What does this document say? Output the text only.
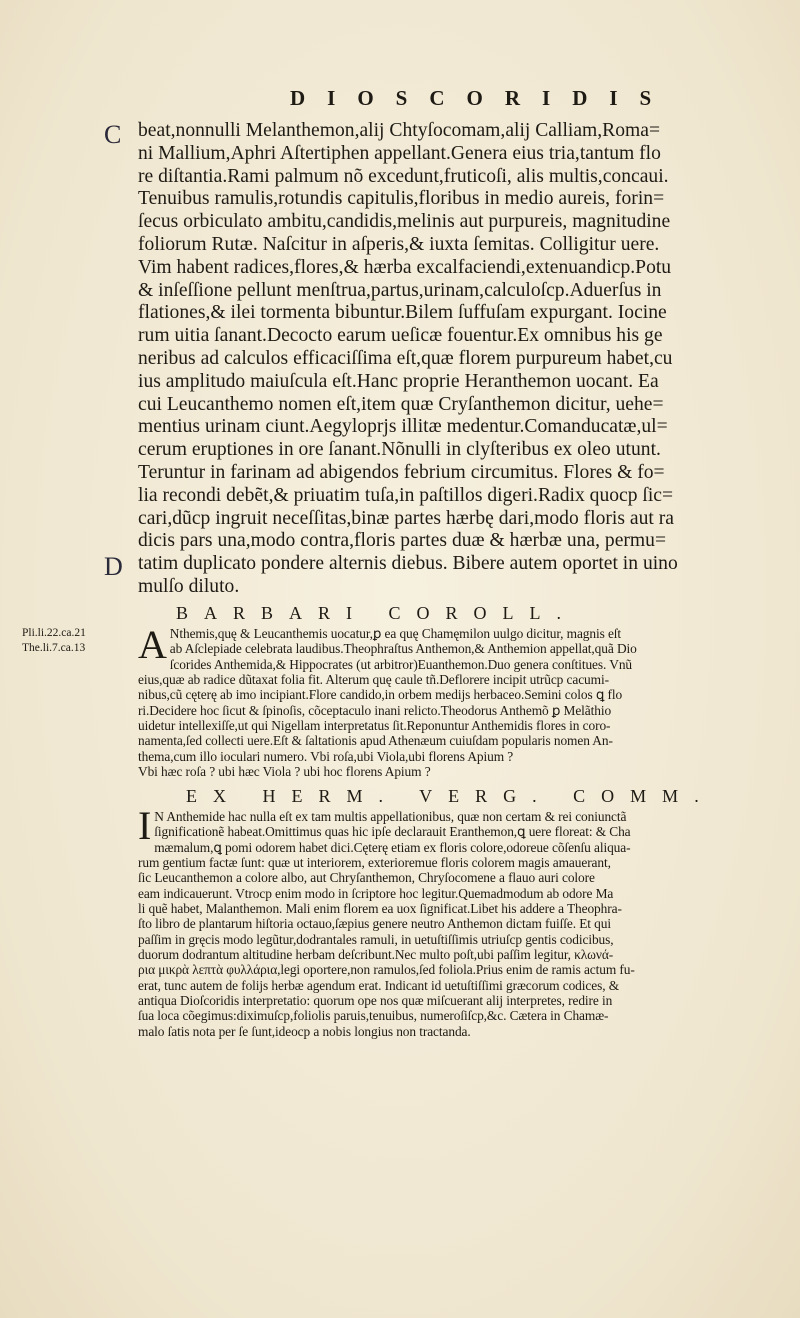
DIOSCORIDIS
C
D
beat,nonnulli Melanthemon,alij Chtyſocomam,alij Calliam,Roma=
ni Mallium,Aphri Aſtertiphen appellant.Genera eius tria,tantum flo
re diſtantia.Rami palmum nõ excedunt,fruticoſi, alis multis,concaui.
Tenuibus ramulis,rotundis capitulis,floribus in medio aureis, forin=
ſecus orbiculato ambitu,candidis,melinis aut purpureis, magnitudine
foliorum Rutæ. Naſcitur in aſperis,& iuxta ſemitas. Colligitur uere.
Vim habent radices,flores,& hærba excalfaciendi,extenuandicp.Potu
& inſeſſione pellunt menſtrua,partus,urinam,calculoſcp.Aduerſus in
flationes,& ilei tormenta bibuntur.Bilem ſuffuſam expurgant. Iocine
rum uitia ſanant.Decocto earum ueſicæ fouentur.Ex omnibus his ge
neribus ad calculos efficaciſſima eſt,quæ florem purpureum habet,cu
ius amplitudo maiuſcula eſt.Hanc proprie Heranthemon uocant. Ea
cui Leucanthemo nomen eſt,item quæ Cryſanthemon dicitur, uehe=
mentius urinam ciunt.Aegyloprjs illitæ medentur.Comanducatæ,ul=
cerum eruptiones in ore ſanant.Nõnulli in clyſteribus ex oleo utunt.
Teruntur in farinam ad abigendos febrium circumitus. Flores & fo=
lia recondi debẽt,& priuatim tuſa,in paſtillos digeri.Radix quocp ſic=
cari,dũcp ingruit neceſſitas,binæ partes hærbę dari,modo floris aut ra
dicis pars una,modo contra,floris partes duæ & hærbæ una, permu=
tatim duplicato pondere alternis diebus. Bibere autem oportet in uino
mulſo diluto.
Pli.li.22.ca.21
The.li.7.ca.13
BARBARI COROLL.
A Nthemis,quę & Leucanthemis uocatur,ꝑ ea quę Chamęmilon uulgo dicitur, magnis eſt
ab Aſclepiade celebrata laudibus.Theophraſtus Anthemon,& Anthemion appellat,quã Dio
ſcorides Anthemida,& Hippocrates (ut arbitror)Euanthemon.Duo genera conſtitues. Vnũ
eius,quæ ab radice dũtaxat folia fit. Alterum quę caule tñ.Deflorere incipit utrũcp cacumi-
nibus,cũ cęterę ab imo incipiant.Flore candido,in orbem medijs herbaceo.Semini colos ꝗ flo
ri.Decidere hoc ſicut & ſpinoſis, cõceptaculo inani relicto.Theodorus Anthemõ ꝑ Melãthio
uidetur intellexiſſe,ut qui Nigellam interpretatus ſit.Reponuntur Anthemidis flores in coro-
namenta,ſed collecti uere.Eſt & ſaltationis apud Athenæum cuiuſdam popularis nomen An-
thema,cum illo ioculari numero. Vbi roſa,ubi Viola,ubi florens Apium ?
Vbi hæc roſa ? ubi hæc Viola ? ubi hoc florens Apium ?
EX HERM. VERG. COMM.
I N Anthemide hac nulla eſt ex tam multis appellationibus, quæ non certam & rei coniunctã
ſignificationẽ habeat.Omittimus quas hic ipſe declarauit Eranthemon,ꝗ uere floreat: & Cha
mæmalum,ꝗ pomi odorem habet dici.Cęterę etiam ex floris colore,odoreue cõſenſu aliqua-
rum gentium factæ ſunt: quæ ut interiorem, exterioremue floris colorem magis amauerant,
ſic Leucanthemon a colore albo, aut Chryſanthemon, Chryſocomene a flauo auri colore
eam indicauerunt. Vtrocp enim modo in ſcriptore hoc legitur.Quemadmodum ab odore Ma
li quẽ habet, Malanthemon. Mali enim florem ea uox ſignificat.Libet his addere a Theophra-
ſto libro de plantarum hiſtoria octauo,ſæpius genere neutro Anthemon dictam fuiſſe. Et qui
paſſim in gręcis modo legũtur,dodrantales ramuli, in uetuſtiſſimis utriuſcp gentis codicibus,
duorum dodrantum altitudine herbam deſcribunt.Nec multo poſt,ubi paſſim legitur, κλωνά-
ρια μικρὰ λεπτὰ φυλλάρια,legi oportere,non ramulos,ſed foliola.Prius enim de ramis actum fu-
erat, tunc autem de folijs herbæ agendum erat. Indicant id uetuſtiſſimi græcorum codices, &
antiqua Dioſcoridis interpretatio: quorum ope nos quæ miſcuerant alij interpretes, redire in
ſua loca cõegimus:diximuſcp,foliolis paruis,tenuibus, numeroſiſcp,&c. Cætera in Chamæ-
malo ſatis nota per ſe ſunt,ideocp a nobis longius non tractanda.
